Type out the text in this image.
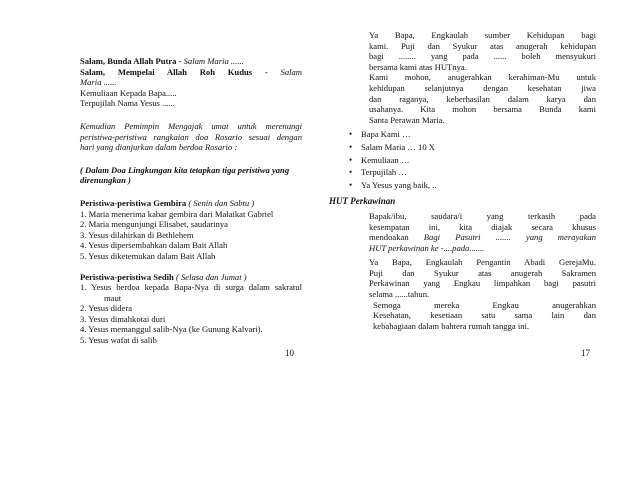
Salam, Bunda Allah Putra - Salam Maria ......
Salam, Mempelai Allah Roh Kudus - Salam
Maria ......
Kemuliaan Kepada Bapa.....
Terpujilah Nama Yesus ......
Kemudian Pemimpin Mengajak umat untuk merenungi
peristiwa-peristiwa rangkaian doa Rosario sesuai dengan
hari yang dianjurkan dalam berdoa Rosario :
( Dalam Doa Lingkungan kita tetapkan tiga peristiwa yang
direnungkan )
Peristiwa-peristiwa Gembira ( Senin dan Sabtu )
1. Maria menerima kabar gembira dari Malaikat Gabriel
2. Maria mengunjungi Elisabet, saudarinya
3. Yesus dilahirkan di Bethlehem
4. Yesus dipersembahkan dalam Bait Allah
5. Yesus diketemukan dalam Bait Allah
Peristiwa-peristiwa Sedih ( Selasa dan Jumat )
1. Yesus berdoa kepada Bapa-Nya di surga dalam sakratul
maut
2. Yesus didera
3. Yesus dimahkotai duri
4. Yesus memanggul salib-Nya (ke Gunung Kalvari).
5. Yesus wafat di salib
10
Ya Bapa, Engkaulah sumber Kehidupan bagi
kami. Puji dan Syukur atas anugerah kehidupan
bagi ........ yang pada ...... boleh mensyukuri
bersama kami atas HUTnya.
Kami mohon, anugerahkan kerahiman-Mu untuk
kehidupan selanjutnya dengan kesehatan jiwa
dan raganya, keberhasilan dalam karya dan
usahanya. Kita mohon bersama Bunda kami
Santa Perawan Maria.
• Bapa Kami …
• Salam Maria … 10 X
• Kemuliaan …
• Terpujilah …
• Ya Yesus yang baik, ..
HUT Perkawinan
Bapak/ibu, saudara/i yang terkasih pada
kesempatan ini, kita diajak secara khusus
mendoakan Bagi Pasutri ....... yang merayakan
HUT perkawinan ke -....pada.......
Ya Bapa, Engkaulah Pengantin Abadi GerejaMu.
Puji dan Syukur atas anugerah Sakramen
Perkawinan yang Engkau limpahkan bagi pasutri
selama ......tahun.
Semoga mereka Engkau anugerahkan
Kesehatan, kesetiaan satu sama lain dan
kebahagiaan dalam bahtera rumah tangga ini.
17
